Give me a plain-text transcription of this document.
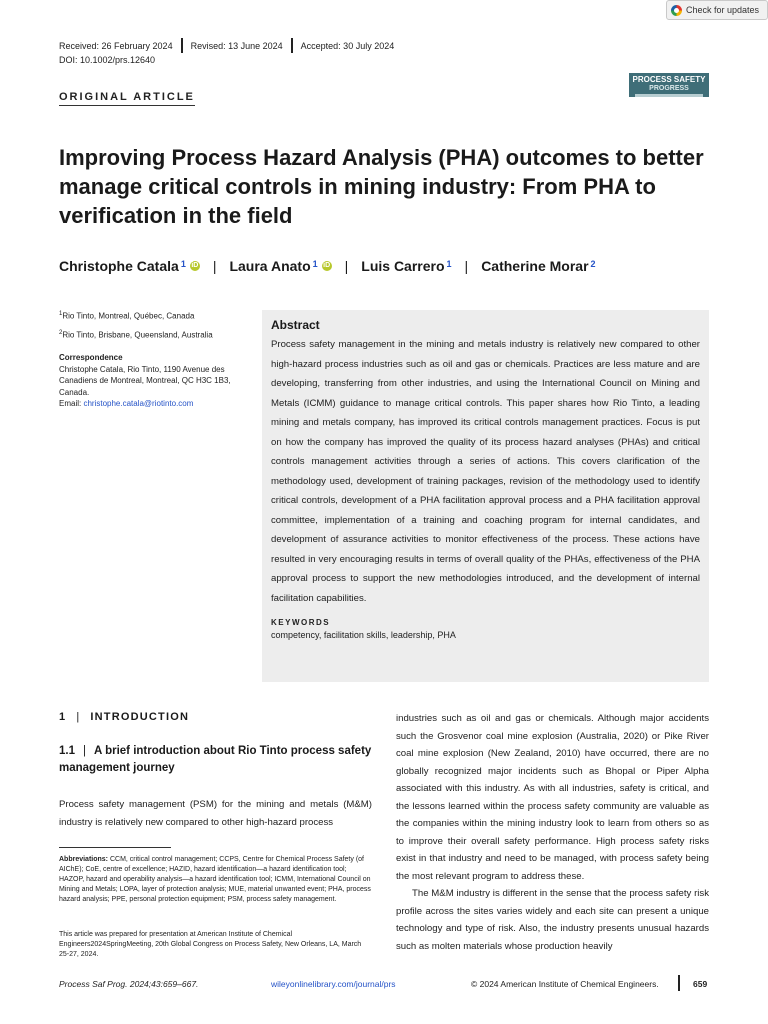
Check for updates
Received: 26 February 2024 Revised: 13 June 2024 Accepted: 30 July 2024
DOI: 10.1002/prs.12640
ORIGINAL ARTICLE
PROCESS SAFETY
PROGRESS
Improving Process Hazard Analysis (PHA) outcomes to better manage critical controls in mining industry: From PHA to verification in the field
Christophe Catala$^1$ iD | Laura Anato$^1$ iD | Luis Carrero$^1$ | Catherine Morar$^2$
$^1$Rio Tinto, Montreal, Québec, Canada
$^2$Rio Tinto, Brisbane, Queensland, Australia
Correspondence
Christophe Catala, Rio Tinto, 1190 Avenue des Canadiens de Montreal, Montreal, QC H3C 1B3, Canada.
Email: christophe.catala@riotinto.com
Abstract
Process safety management in the mining and metals industry is relatively new compared to other high-hazard process industries such as oil and gas or chemicals. Practices are less mature and are developing, transferring from other industries, and using the International Council on Mining and Metals (ICMM) guidance to manage critical controls. This paper shares how Rio Tinto, a leading mining and metals company, has improved its critical controls management practices. Focus is put on how the company has improved the quality of its process hazard analyses (PHAs) and critical controls management activities through a series of actions. This covers clarification of the methodology used, development of training packages, revision of the methodology used to identify critical controls, development of a PHA facilitation approval process and a PHA facilitation approval committee, implementation of a training and coaching program for internal candidates, and development of assurance activities to monitor effectiveness of the process. These actions have resulted in very encouraging results in terms of overall quality of the PHAs, effectiveness of the PHA approval process to support the new methodologies introduced, and the development of internal facilitation capabilities.
KEYWORDS
competency, facilitation skills, leadership, PHA
1 | INTRODUCTION
1.1 | A brief introduction about Rio Tinto process safety management journey
Process safety management (PSM) for the mining and metals (M&M) industry is relatively new compared to other high-hazard process
Abbreviations: CCM, critical control management; CCPS, Centre for Chemical Process Safety (of AIChE); CoE, centre of excellence; HAZID, hazard identification—a hazard identification tool; HAZOP, hazard and operability analysis—a hazard identification tool; ICMM, International Council on Mining and Metals; LOPA, layer of protection analysis; MUE, material unwanted event; PHA, process hazard analysis; PPE, personal protection equipment; PSM, process safety management.
This article was prepared for presentation at American Institute of Chemical Engineers2024SpringMeeting, 20th Global Congress on Process Safety, New Orleans, LA, March 25-27, 2024.

industries such as oil and gas or chemicals. Although major accidents such the Grosvenor coal mine explosion (Australia, 2020) or Pike River coal mine explosion (New Zealand, 2010) have occurred, there are no globally recognized major incidents such as Bhopal or Piper Alpha associated with this industry. As with all industries, safety is critical, and the lessons learned within the process safety community are valuable as the companies within the mining industry look to learn from others so as to improve their overall safety performance. High process safety risks exist in that industry and need to be managed, with process safety being the most relevant program to address these.

The M&M industry is different in the sense that the process safety risk profile across the sites varies widely and each site can present a unique technology and type of risk. Also, the industry presents unusual hazards such as molten materials whose production heavily

Process Saf Prog. 2024;43:659–667.	wileyonlinelibrary.com/journal/prs	© 2024 American Institute of Chemical Engineers.	659
